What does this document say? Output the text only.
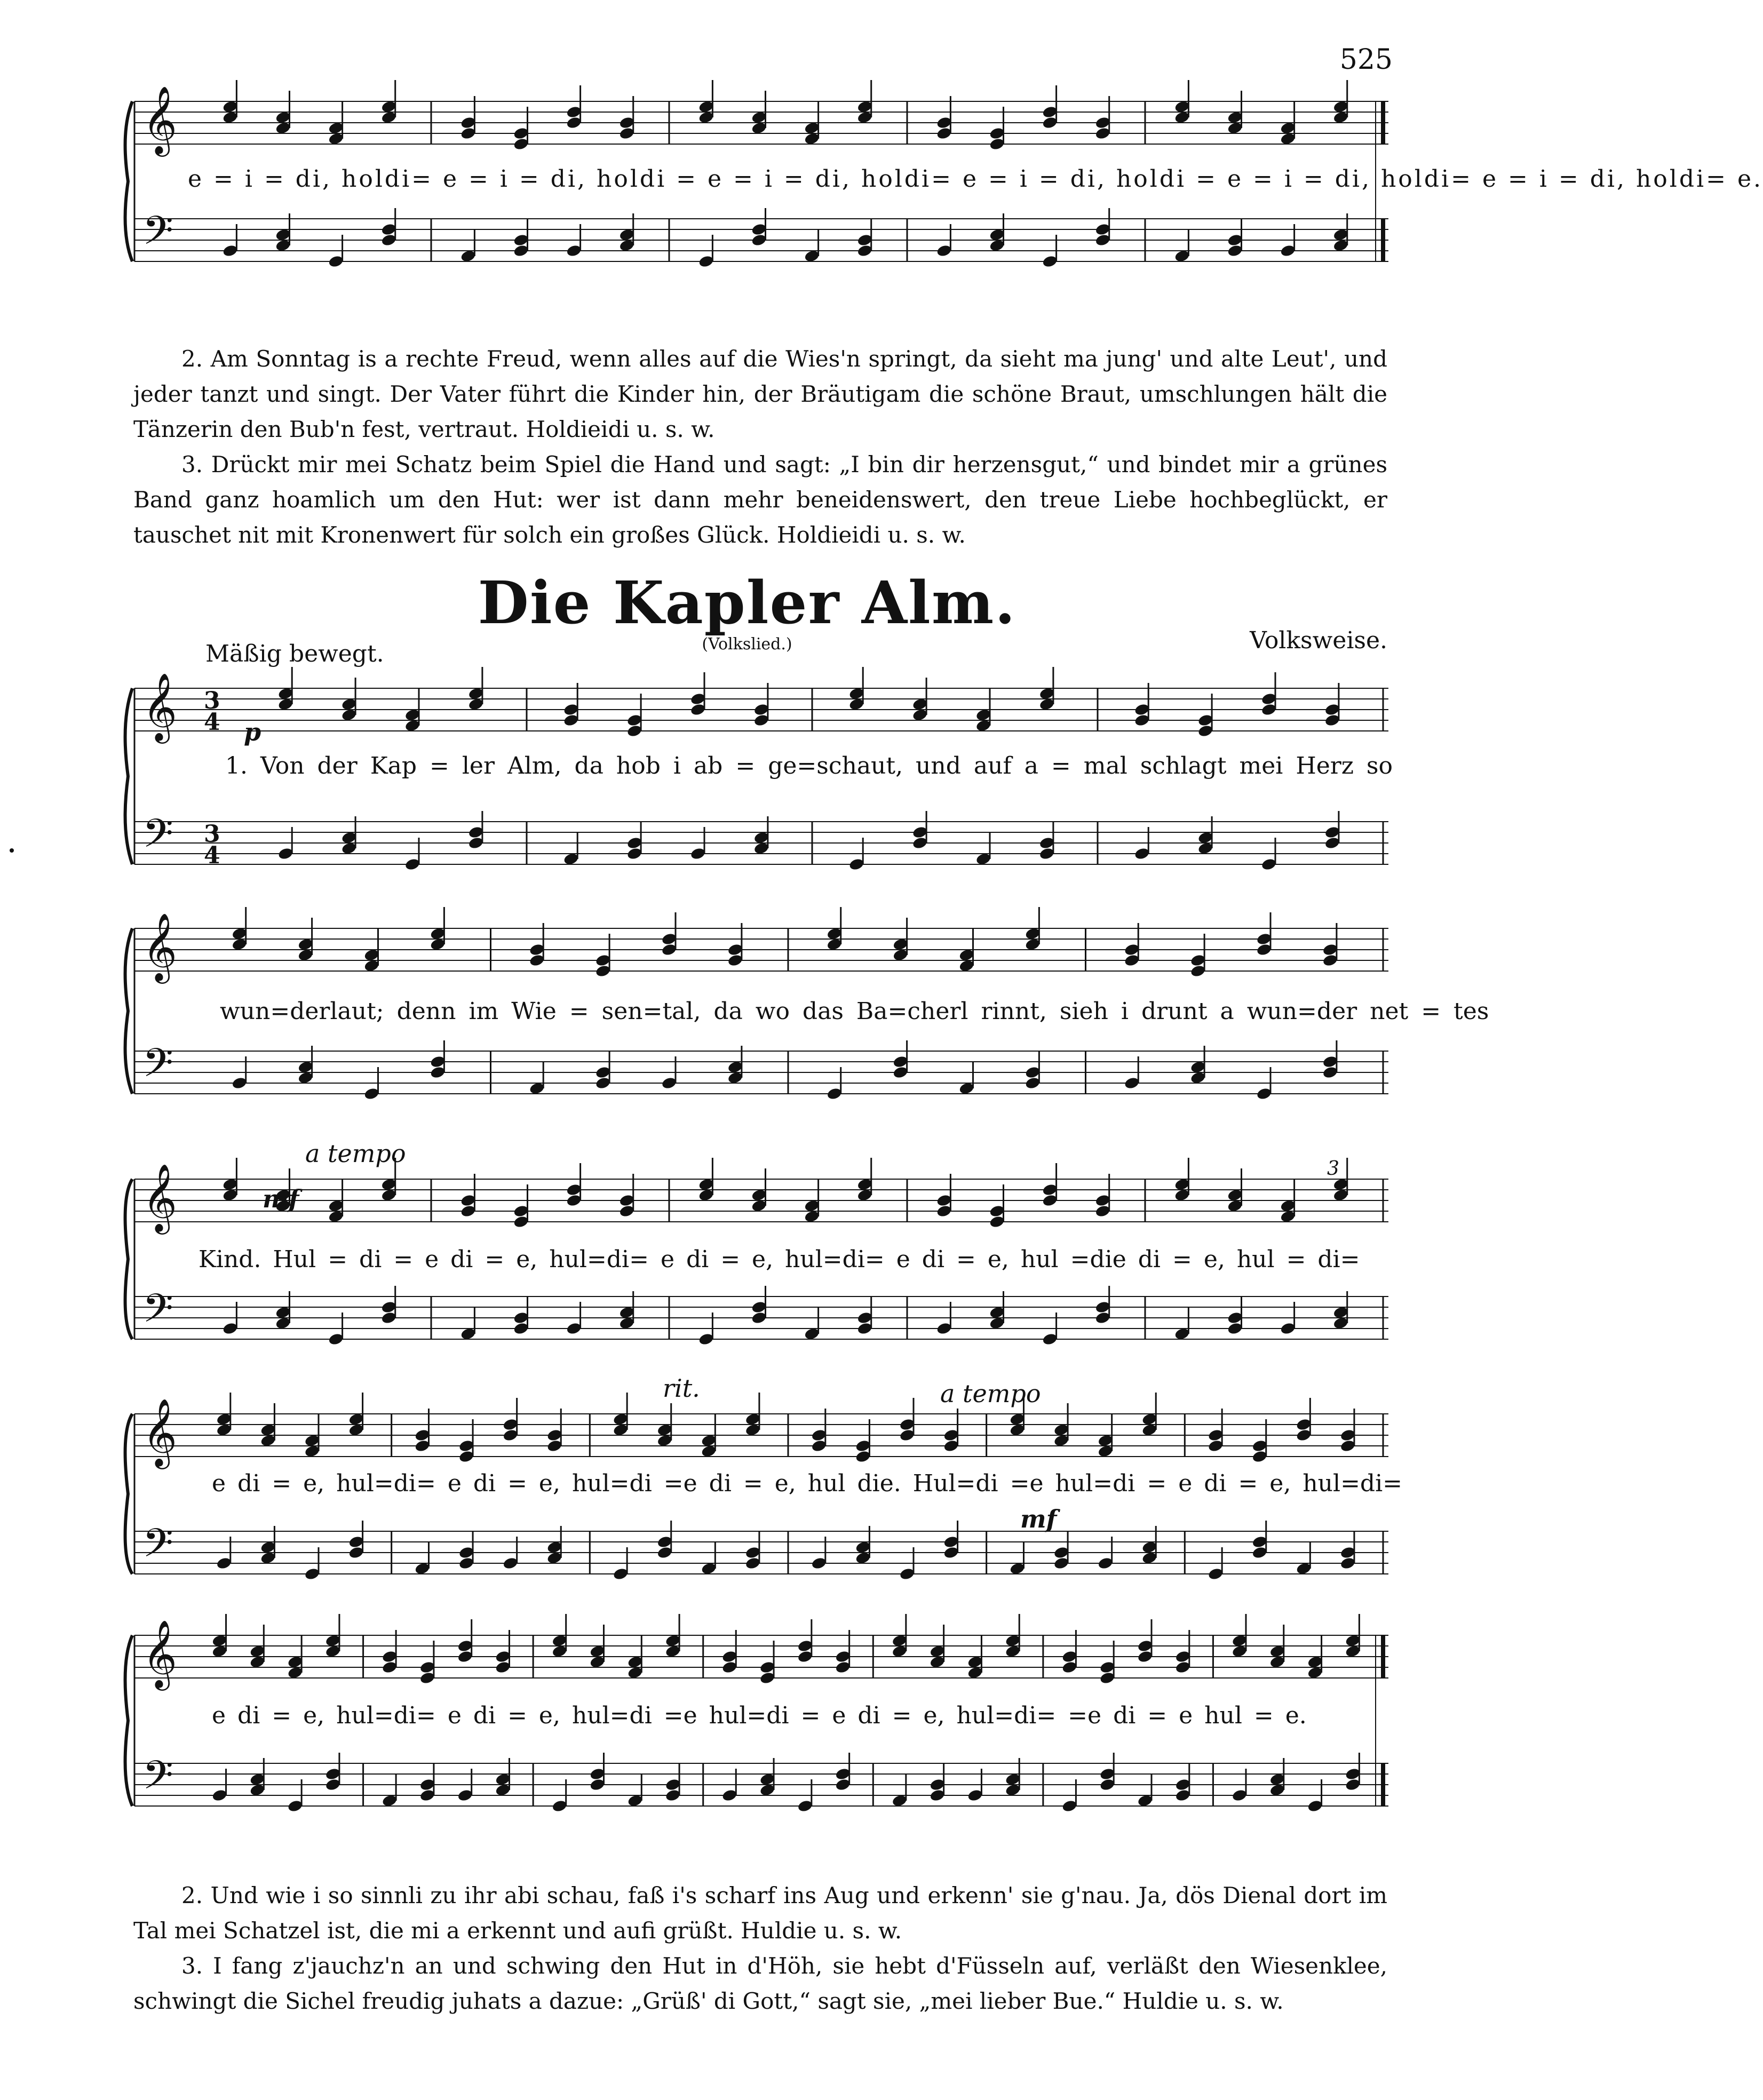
525
𝄞
𝄢
e = i = di, holdi= e = i = di, holdi = e = i = di, holdi= e = i = di, holdi = e = i = di, holdi= e = i = di, holdi= e.

2. Am Sonntag is a rechte Freud, wenn alles auf die Wies'n springt, da sieht ma jung' und alte Leut', und jeder tanzt und singt. Der Vater führt die Kinder hin, der Bräutigam die schöne Braut, umschlungen hält die Tänzerin den Bub'n fest, vertraut. Holdieidi u. s. w.

3. Drückt mir mei Schatz beim Spiel die Hand und sagt: „I bin dir herzensgut,“ und bindet mir a grünes Band ganz hoamlich um den Hut: wer ist dann mehr beneidenswert, den treue Liebe hochbeglückt, er tauschet nit mit Kronenwert für solch ein großes Glück. Holdieidi u. s. w.

Die Kapler Alm.
(Volkslied.)
Mäßig bewegt.	Volksweise.
𝄞
𝄢
3
4
3
4
p
1. Von der Kap = ler Alm, da hob i ab = ge=schaut, und auf a = mal schlagt mei Herz so
𝄞
𝄢
wun=derlaut; denn im Wie = sen=tal, da wo das Ba=cherl rinnt, sieh i drunt a wun=der net = tes
𝄞
𝄢
a tempo
mf
3
Kind. Hul = di = e di = e, hul=di= e di = e, hul=di= e di = e, hul =die di = e, hul = di=
𝄞
𝄢
rit.	a tempo
mf
e di = e, hul=di= e di = e, hul=di =e di = e, hul die. Hul=di =e hul=di = e di = e, hul=di=
𝄞
𝄢
e di = e, hul=di= e di = e, hul=di =e hul=di = e di = e, hul=di= =e di = e hul = e.

2. Und wie i so sinnli zu ihr abi schau, faß i's scharf ins Aug und erkenn' sie g'nau. Ja, dös Dienal dort im Tal mei Schatzel ist, die mi a erkennt und aufi grüßt. Huldie u. s. w.

3. I fang z'jauchz'n an und schwing den Hut in d'Höh, sie hebt d'Füsseln auf, verläßt den Wiesenklee, schwingt die Sichel freudig juhats a dazue: „Grüß' di Gott,“ sagt sie, „mei lieber Bue.“ Huldie u. s. w.
